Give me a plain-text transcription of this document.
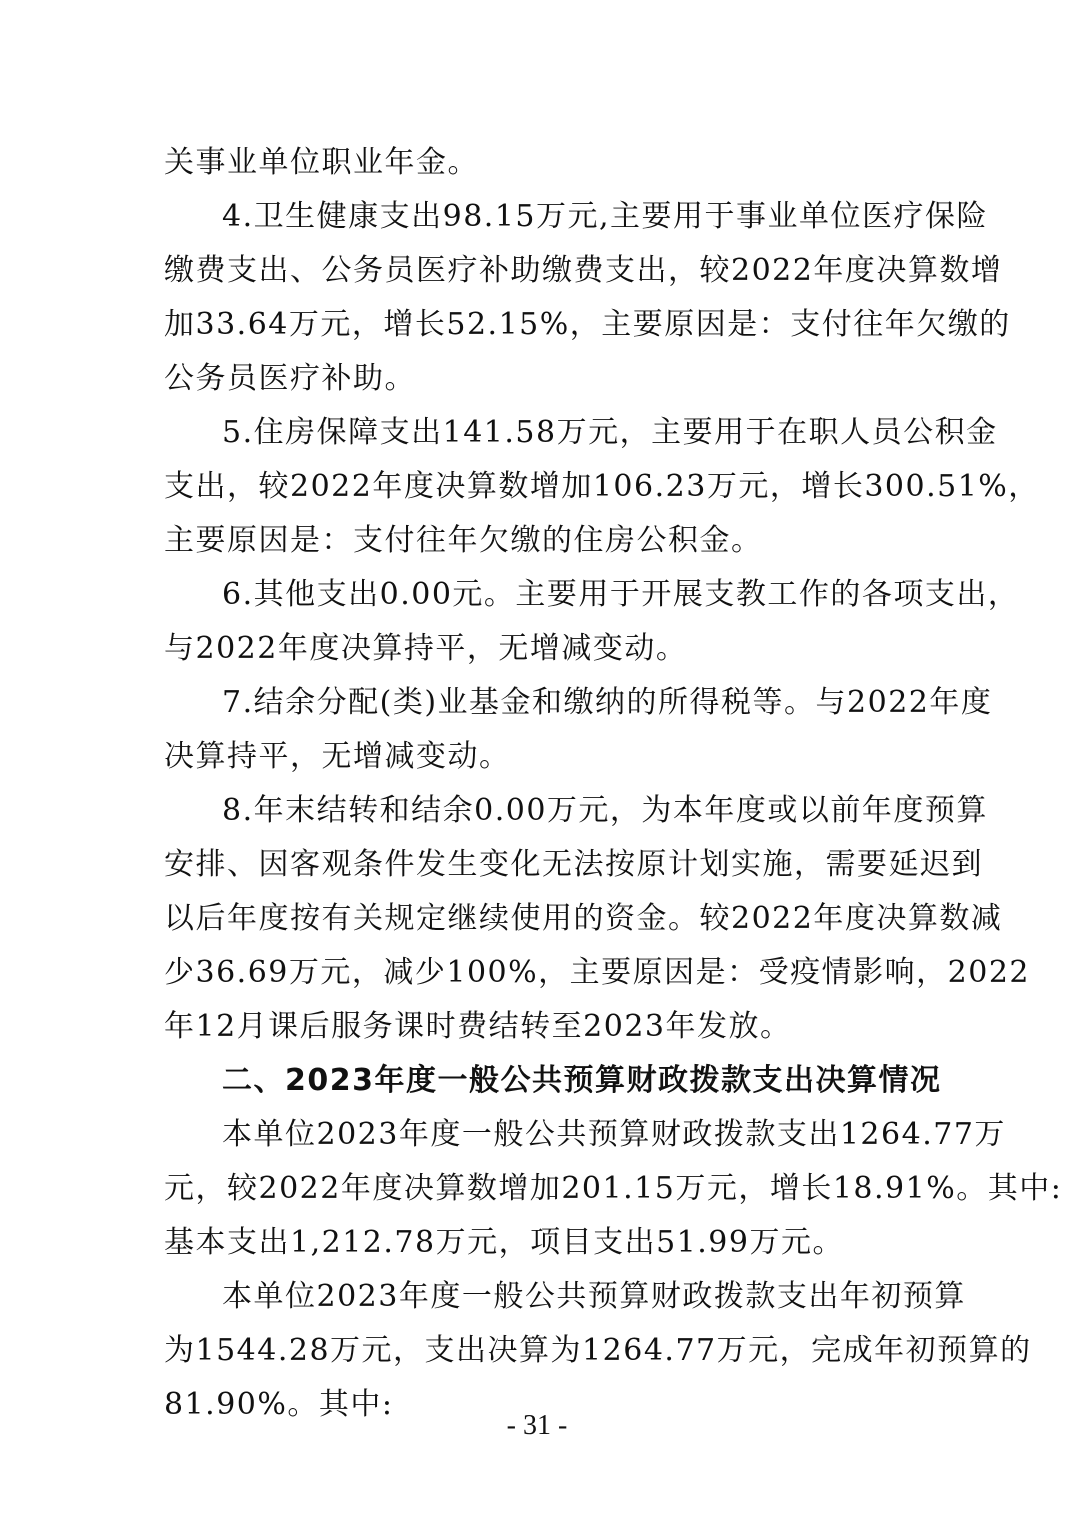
关事业单位职业年金。
4.卫生健康支出98.15万元,主要用于事业单位医疗保险
缴费支出、公务员医疗补助缴费支出，较2022年度决算数增
加33.64万元，增长52.15%，主要原因是：支付往年欠缴的
公务员医疗补助。
5.住房保障支出141.58万元，主要用于在职人员公积金
支出，较2022年度决算数增加106.23万元，增长300.51%，
主要原因是：支付往年欠缴的住房公积金。
6.其他支出0.00元。主要用于开展支教工作的各项支出，
与2022年度决算持平，无增减变动。
7.结余分配(类)业基金和缴纳的所得税等。与2022年度
决算持平，无增减变动。
8.年末结转和结余0.00万元，为本年度或以前年度预算
安排、因客观条件发生变化无法按原计划实施，需要延迟到
以后年度按有关规定继续使用的资金。较2022年度决算数减
少36.69万元，减少100%，主要原因是：受疫情影响，2022
年12月课后服务课时费结转至2023年发放。
二、2023年度一般公共预算财政拨款支出决算情况
本单位2023年度一般公共预算财政拨款支出1264.77万
元，较2022年度决算数增加201.15万元，增长18.91%。其中:
基本支出1,212.78万元，项目支出51.99万元。
本单位2023年度一般公共预算财政拨款支出年初预算
为1544.28万元，支出决算为1264.77万元，完成年初预算的
81.90%。其中:
- 31 -
